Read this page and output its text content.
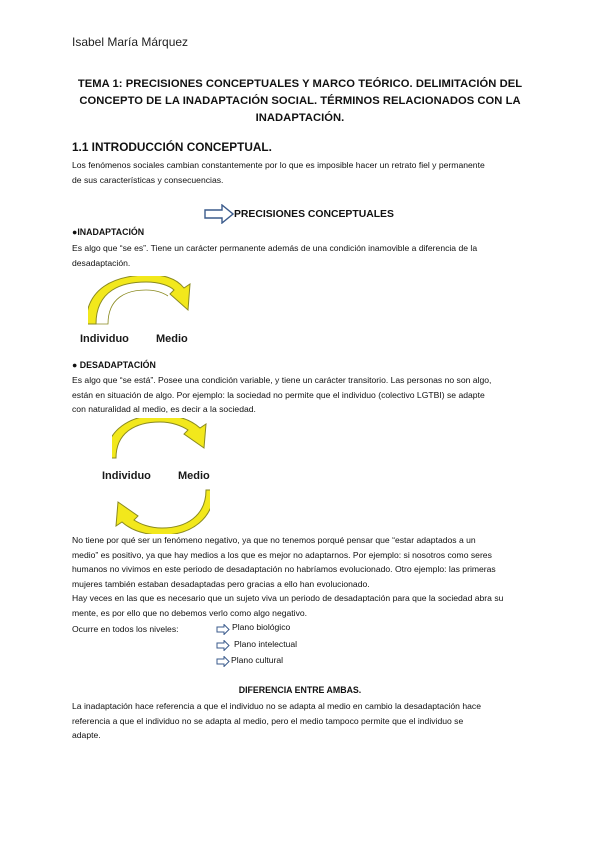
Isabel María Márquez
TEMA 1: PRECISIONES CONCEPTUALES Y MARCO TEÓRICO. DELIMITACIÓN DEL
CONCEPTO DE LA INADAPTACIÓN SOCIAL. TÉRMINOS RELACIONADOS CON LA
INADAPTACIÓN.
1.1 INTRODUCCIÓN CONCEPTUAL.
Los fenómenos sociales cambian constantemente por lo que es imposible hacer un retrato fiel y permanente
de sus características y consecuencias.
PRECISIONES CONCEPTUALES
●INADAPTACIÓN
Es algo que “se es”. Tiene un carácter permanente además de una condición inamovible a diferencia de la
desadaptación.
Individuo Medio
● DESADAPTACIÓN
Es algo que “se está”. Posee una condición variable, y tiene un carácter transitorio. Las personas no son algo,
están en situación de algo. Por ejemplo: la sociedad no permite que el individuo (colectivo LGTBI) se adapte
con naturalidad al medio, es decir a la sociedad.
Individuo Medio
No tiene por qué ser un fenómeno negativo, ya que no tenemos porqué pensar que “estar adaptados a un
medio” es positivo, ya que hay medios a los que es mejor no adaptarnos. Por ejemplo: si nosotros como seres
humanos no vivimos en este periodo de desadaptación no habríamos evolucionado. Otro ejemplo: las primeras
mujeres también estaban desadaptadas pero gracias a ello han evolucionado.
Hay veces en las que es necesario que un sujeto viva un periodo de desadaptación para que la sociedad abra su
mente, es por ello que no debemos verlo como algo negativo.
Ocurre en todos los niveles:	Plano biológico
Plano intelectual
Plano cultural
DIFERENCIA ENTRE AMBAS.
La inadaptación hace referencia a que el individuo no se adapta al medio en cambio la desadaptación hace
referencia a que el individuo no se adapta al medio, pero el medio tampoco permite que el individuo se
adapte.
